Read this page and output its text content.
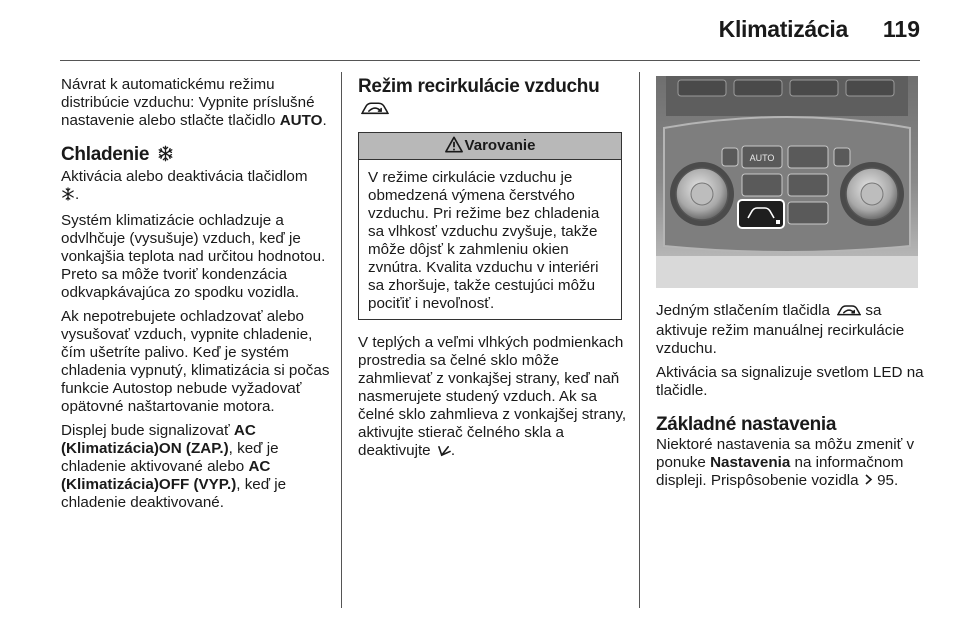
Klimatizácia 119

Návrat k automatickému režimu distribúcie vzduchu: Vypnite príslušné nastavenie alebo stlačte tlačidlo AUTO.

Chladenie

Aktivácia alebo deaktivácia tlačidlom
.

Systém klimatizácie ochladzuje a odvlhčuje (vysušuje) vzduch, keď je vonkajšia teplota nad určitou hodnotou. Preto sa môže tvoriť kondenzácia odkvapkávajúca zo spodku vozidla.

Ak nepotrebujete ochladzovať alebo vysušovať vzduch, vypnite chladenie, čím ušetríte palivo. Keď je systém chladenia vypnutý, klimatizácia si počas funkcie Autostop nebude vyžadovať opätovné naštartovanie motora.

Displej bude signalizovať AC (Klimatizácia)ON (ZAP.), keď je chladenie aktivované alebo AC (Klimatizácia)OFF (VYP.), keď je chladenie deaktivované.

Režim recirkulácie vzduchu
Varovanie

V režime cirkulácie vzduchu je obmedzená výmena čerstvého vzduchu. Pri režime bez chladenia sa vlhkosť vzduchu zvyšuje, takže môže dôjsť k zahmleniu okien zvnútra. Kvalita vzduchu v interiéri sa zhoršuje, takže cestujúci môžu pociťiť i nevoľnosť.

V teplých a veľmi vlhkých podmienkach prostredia sa čelné sklo môže zahmlievať z vonkajšej strany, keď naň nasmerujete studený vzduch. Ak sa čelné sklo zahmlieva z vonkajšej strany, aktivujte stierač čelného skla a deaktivujte .

AUTO

Jedným stlačením tlačidla sa aktivuje režim manuálnej recirkulácie vzduchu.

Aktivácia sa signalizuje svetlom LED na tlačidle.

Základné nastavenia

Niektoré nastavenia sa môžu zmeniť v ponuke Nastavenia na informačnom displeji. Prispôsobenie vozidla 95.
